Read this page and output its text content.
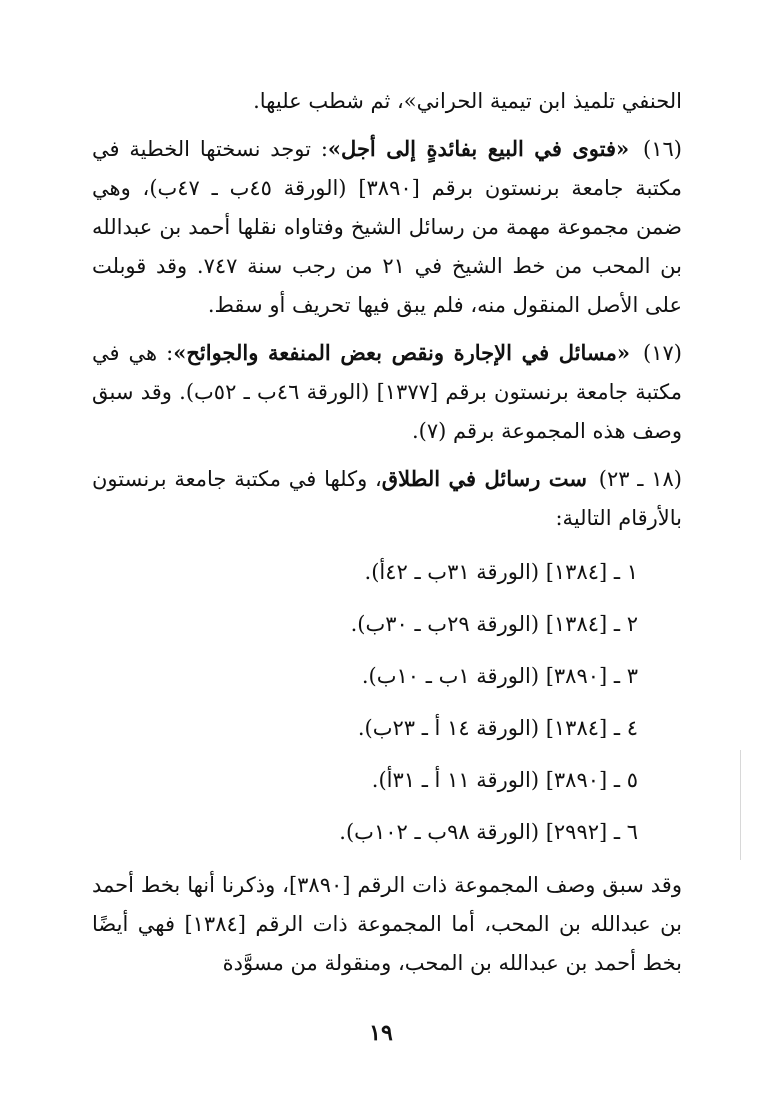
الحنفي تلميذ ابن تيمية الحراني»، ثم شطب عليها.

(١٦) «فتوى في البيع بفائدةٍ إلى أجل»: توجد نسختها الخطية في مكتبة جامعة برنستون برقم [٣٨٩٠] (الورقة ٤٥ب ـ ٤٧ب)، وهي ضمن مجموعة مهمة من رسائل الشيخ وفتاواه نقلها أحمد بن عبدالله بن المحب من خط الشيخ في ٢١ من رجب سنة ٧٤٧. وقد قوبلت على الأصل المنقول منه، فلم يبق فيها تحريف أو سقط.

(١٧) «مسائل في الإجارة ونقص بعض المنفعة والجوائح»: هي في مكتبة جامعة برنستون برقم [١٣٧٧] (الورقة ٤٦ب ـ ٥٢ب). وقد سبق وصف هذه المجموعة برقم (٧).

(١٨ ـ ٢٣) ست رسائل في الطلاق، وكلها في مكتبة جامعة برنستون بالأرقام التالية:

١ ـ [١٣٨٤] (الورقة ٣١ب ـ ٤٢أ).
٢ ـ [١٣٨٤] (الورقة ٢٩ب ـ ٣٠ب).
٣ ـ [٣٨٩٠] (الورقة ١ب ـ ١٠ب).
٤ ـ [١٣٨٤] (الورقة ١٤ أ ـ ٢٣ب).
٥ ـ [٣٨٩٠] (الورقة ١١ أ ـ ٣١أ).
٦ ـ [٢٩٩٢] (الورقة ٩٨ب ـ ١٠٢ب).

وقد سبق وصف المجموعة ذات الرقم [٣٨٩٠]، وذكرنا أنها بخط أحمد بن عبدالله بن المحب، أما المجموعة ذات الرقم [١٣٨٤] فهي أيضًا بخط أحمد بن عبدالله بن المحب، ومنقولة من مسوَّدة

١٩
